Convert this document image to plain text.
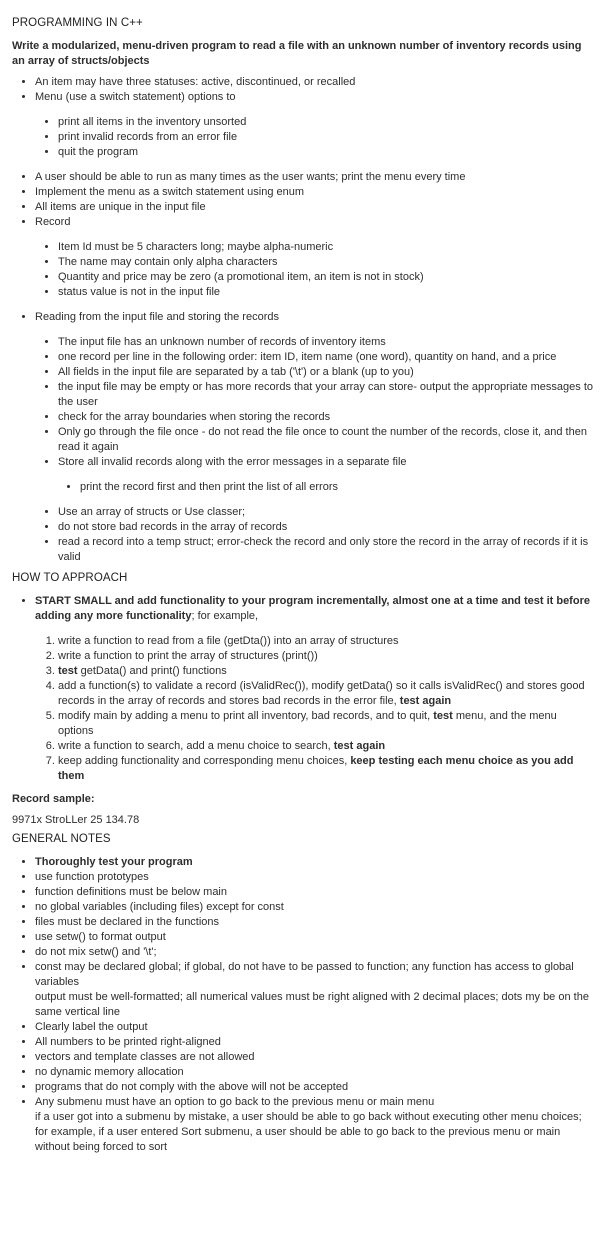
PROGRAMMING IN C++

Write a modularized, menu-driven program to read a file with an unknown number of inventory records using an array of structs/objects

• An item may have three statuses: active, discontinued, or recalled
• Menu (use a switch statement) options to
• print all items in the inventory unsorted
• print invalid records from an error file
• quit the program
• A user should be able to run as many times as the user wants; print the menu every time
• Implement the menu as a switch statement using enum
• All items are unique in the input file
• Record
• Item Id must be 5 characters long; maybe alpha-numeric
• The name may contain only alpha characters
• Quantity and price may be zero (a promotional item, an item is not in stock)
• status value is not in the input file
• Reading from the input file and storing the records
• The input file has an unknown number of records of inventory items
• one record per line in the following order: item ID, item name (one word), quantity on hand, and a price
• All fields in the input file are separated by a tab ('\t') or a blank (up to you)
• the input file may be empty or has more records that your array can store- output the appropriate messages to the user
• check for the array boundaries when storing the records
• Only go through the file once - do not read the file once to count the number of the records, close it, and then read it again
• Store all invalid records along with the error messages in a separate file
• print the record first and then print the list of all errors
• Use an array of structs or Use classer;
• do not store bad records in the array of records
• read a record into a temp struct; error-check the record and only store the record in the array of records if it is valid
HOW TO APPROACH
• START SMALL and add functionality to your program incrementally, almost one at a time and test it before adding any more functionality; for example,
1. write a function to read from a file (getDta()) into an array of structures
2. write a function to print the array of structures (print())
3. test getData() and print() functions
4. add a function(s) to validate a record (isValidRec()), modify getData() so it calls isValidRec() and stores good records in the array of records and stores bad records in the error file, test again
5. modify main by adding a menu to print all inventory, bad records, and to quit, test menu, and the menu options
6. write a function to search, add a menu choice to search, test again
7. keep adding functionality and corresponding menu choices, keep testing each menu choice as you add them

Record sample:

9971x StroLLer 25 134.78

GENERAL NOTES
• Thoroughly test your program
• use function prototypes
• function definitions must be below main
• no global variables (including files) except for const
• files must be declared in the functions
• use setw() to format output
• do not mix setw() and '\t';
• const may be declared global; if global, do not have to be passed to function; any function has access to global variables
output must be well-formatted; all numerical values must be right aligned with 2 decimal places; dots my be on the same vertical line
• Clearly label the output
• All numbers to be printed right-aligned
• vectors and template classes are not allowed
• no dynamic memory allocation
• programs that do not comply with the above will not be accepted
• Any submenu must have an option to go back to the previous menu or main menu
if a user got into a submenu by mistake, a user should be able to go back without executing other menu choices; for example, if a user entered Sort submenu, a user should be able to go back to the previous menu or main without being forced to sort
